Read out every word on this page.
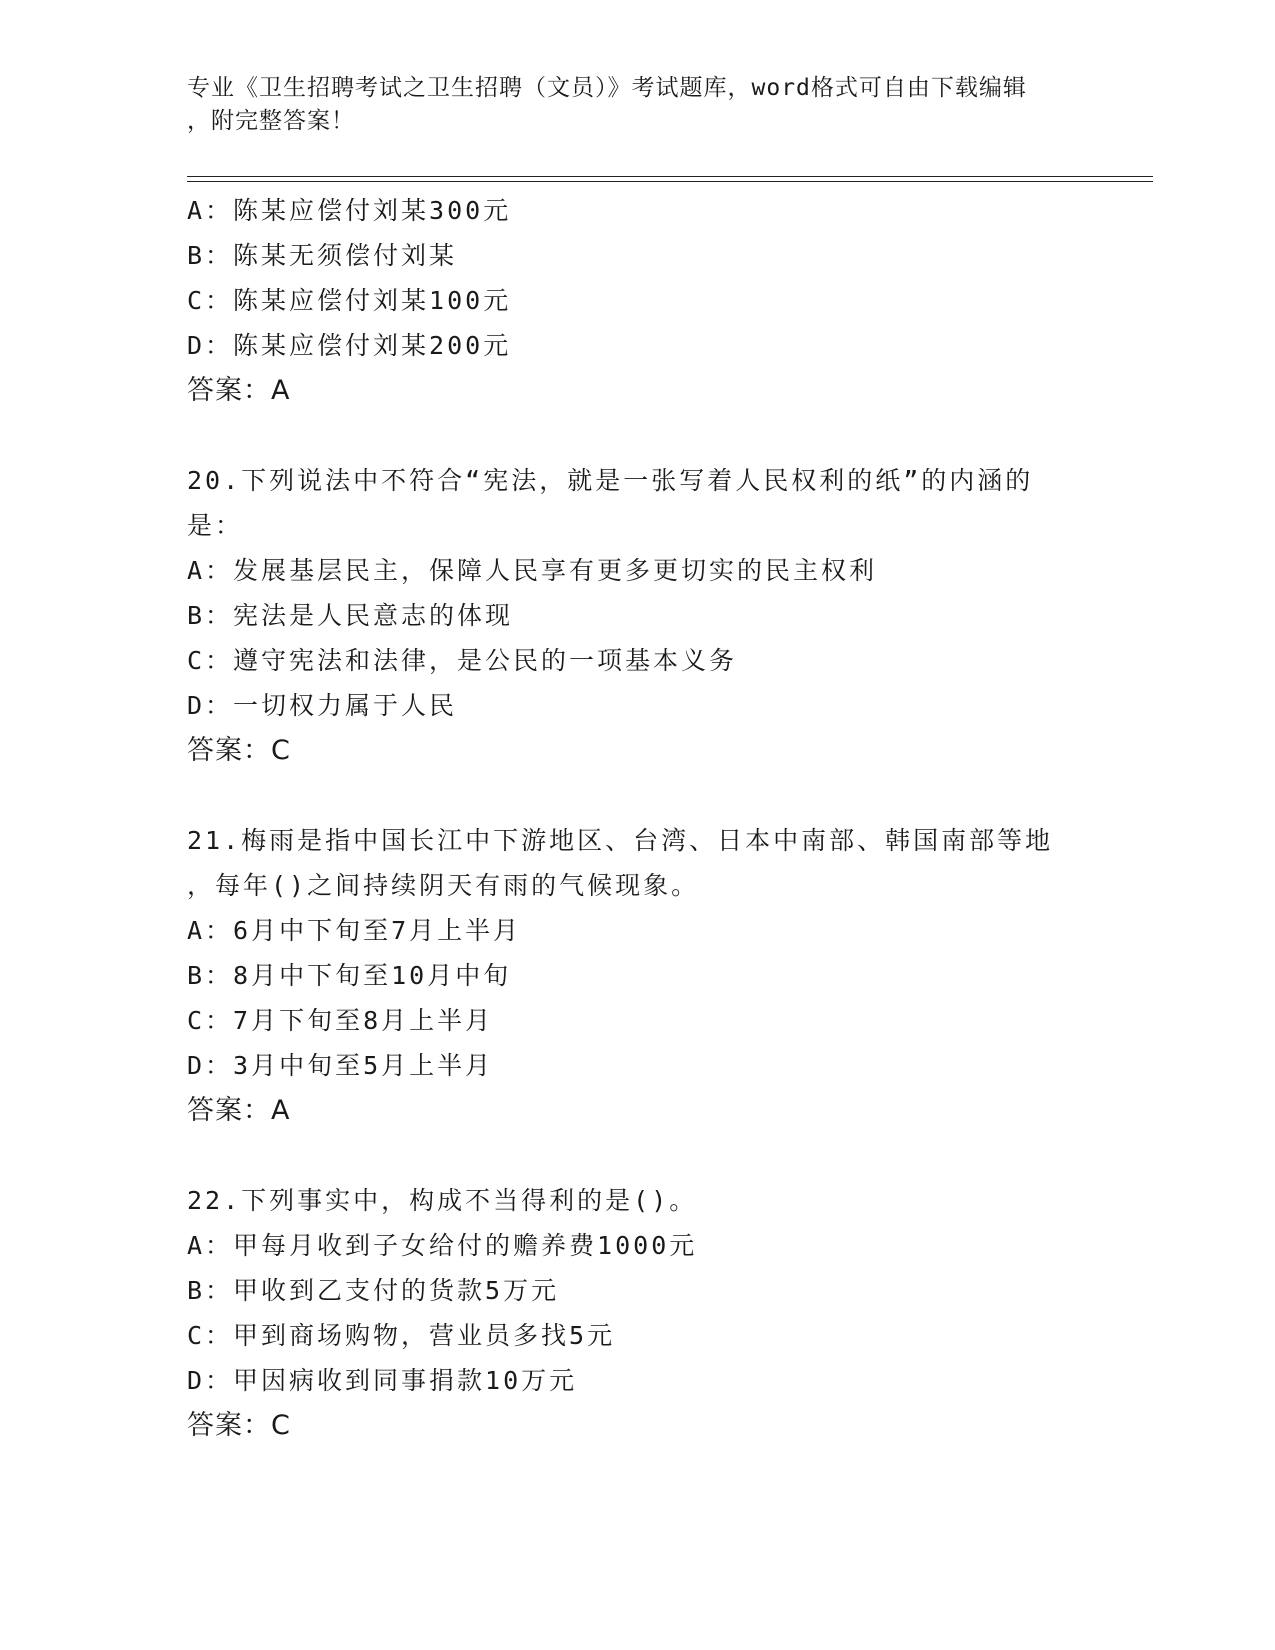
专业《卫生招聘考试之卫生招聘（文员）》考试题库，word格式可自由下载编辑
，附完整答案！
A：陈某应偿付刘某300元
B：陈某无须偿付刘某
C：陈某应偿付刘某100元
D：陈某应偿付刘某200元
答案：A
20.下列说法中不符合“宪法，就是一张写着人民权利的纸”的内涵的
是：
A：发展基层民主，保障人民享有更多更切实的民主权利
B：宪法是人民意志的体现
C：遵守宪法和法律，是公民的一项基本义务
D：一切权力属于人民
答案：C
21.梅雨是指中国长江中下游地区、台湾、日本中南部、韩国南部等地
，每年()之间持续阴天有雨的气候现象。
A：6月中下旬至7月上半月
B：8月中下旬至10月中旬
C：7月下旬至8月上半月
D：3月中旬至5月上半月
答案：A
22.下列事实中，构成不当得利的是()。
A：甲每月收到子女给付的赡养费1000元
B：甲收到乙支付的货款5万元
C：甲到商场购物，营业员多找5元
D：甲因病收到同事捐款10万元
答案：C
